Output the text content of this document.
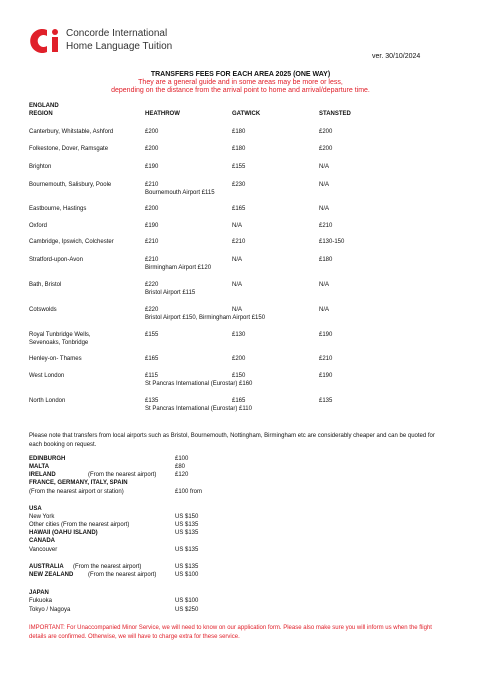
Concorde International
Home Language Tuition
ver. 30/10/2024
TRANSFERS FEES FOR EACH AREA 2025 (ONE WAY)
They are a general guide and in some areas may be more or less,
depending on the distance from the arrival point to home and arrival/departure time.
ENGLAND
REGION	HEATHROW	GATWICK	STANSTED
Canterbury, Whitstable, Ashford	£200	£180	£200
Folkestone, Dover, Ramsgate	£200	£180	£200
Brighton	£190	£155	N/A
Bournemouth, Salisbury, Poole	£210	£230	N/A
Bournemouth Airport £115
Eastbourne, Hastings	£200	£165	N/A
Oxford	£190	N/A	£210
Cambridge, Ipswich, Colchester	£210	£210	£130-150
Stratford-upon-Avon	£210	N/A	£180
Birmingham Airport £120
Bath, Bristol	£220	N/A	N/A
Bristol Airport £115
Cotswolds	£220	N/A	N/A
Bristol Airport £150, Birmingham Airport £150
Royal Tunbridge Wells,
Sevenoaks, Tonbridge
£155	£130	£190
Henley-on- Thames	£165	£200	£210
West London	£115	£150	£190
St Pancras International (Eurostar) £160
North London	£135	£165	£135
St Pancras International (Eurostar) £110
Please note that transfers from local airports such as Bristol, Bournemouth, Nottingham, Birmingham etc are considerably cheaper and can be quoted for each booking on request.
EDINBURGH	£100
MALTA	£80
IRELAND	(From the nearest airport)	£120
FRANCE, GERMANY, ITALY, SPAIN
(From the nearest airport or station)	£100 from
USA
New York	US $150
Other cities (From the nearest airport)	US $135
HAWAII (OAHU ISLAND)	US $135
CANADA
Vancouver	US $135
AUSTRALIA (From the nearest airport)	US $135
NEW ZEALAND (From the nearest airport)	US $100
JAPAN
Fukuoka	US $100
Tokyo / Nagoya	US $250
IMPORTANT: For Unaccompanied Minor Service, we will need to know on our application form. Please also make sure you will inform us when the flight details are confirmed. Otherwise, we will have to charge extra for these service.
